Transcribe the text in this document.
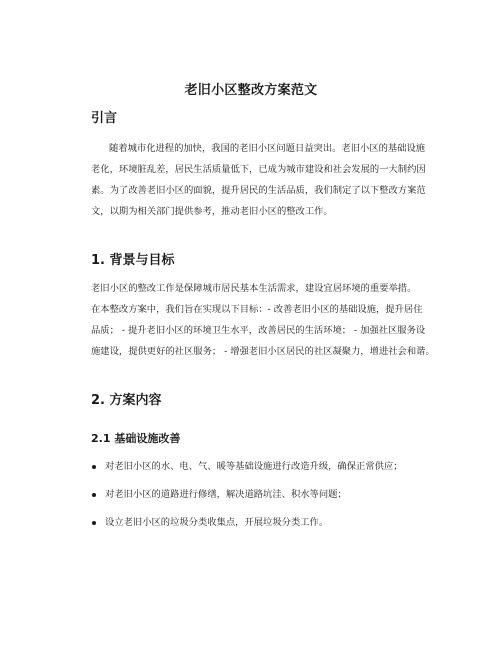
老旧小区整改方案范文
引言
随着城市化进程的加快，我国的老旧小区问题日益突出。老旧小区的基础设施
老化，环境脏乱差，居民生活质量低下，已成为城市建设和社会发展的一大制约因
素。为了改善老旧小区的面貌，提升居民的生活品质，我们制定了以下整改方案范
文，以期为相关部门提供参考，推动老旧小区的整改工作。
1. 背景与目标
老旧小区的整改工作是保障城市居民基本生活需求，建设宜居环境的重要举措。
在本整改方案中，我们旨在实现以下目标：- 改善老旧小区的基础设施，提升居住
品质； - 提升老旧小区的环境卫生水平，改善居民的生活环境； - 加强社区服务设
施建设，提供更好的社区服务； - 增强老旧小区居民的社区凝聚力，增进社会和谐。
2. 方案内容
2.1 基础设施改善
对老旧小区的水、电、气、暖等基础设施进行改造升级，确保正常供应；
对老旧小区的道路进行修缮，解决道路坑洼、积水等问题；
设立老旧小区的垃圾分类收集点，开展垃圾分类工作。
